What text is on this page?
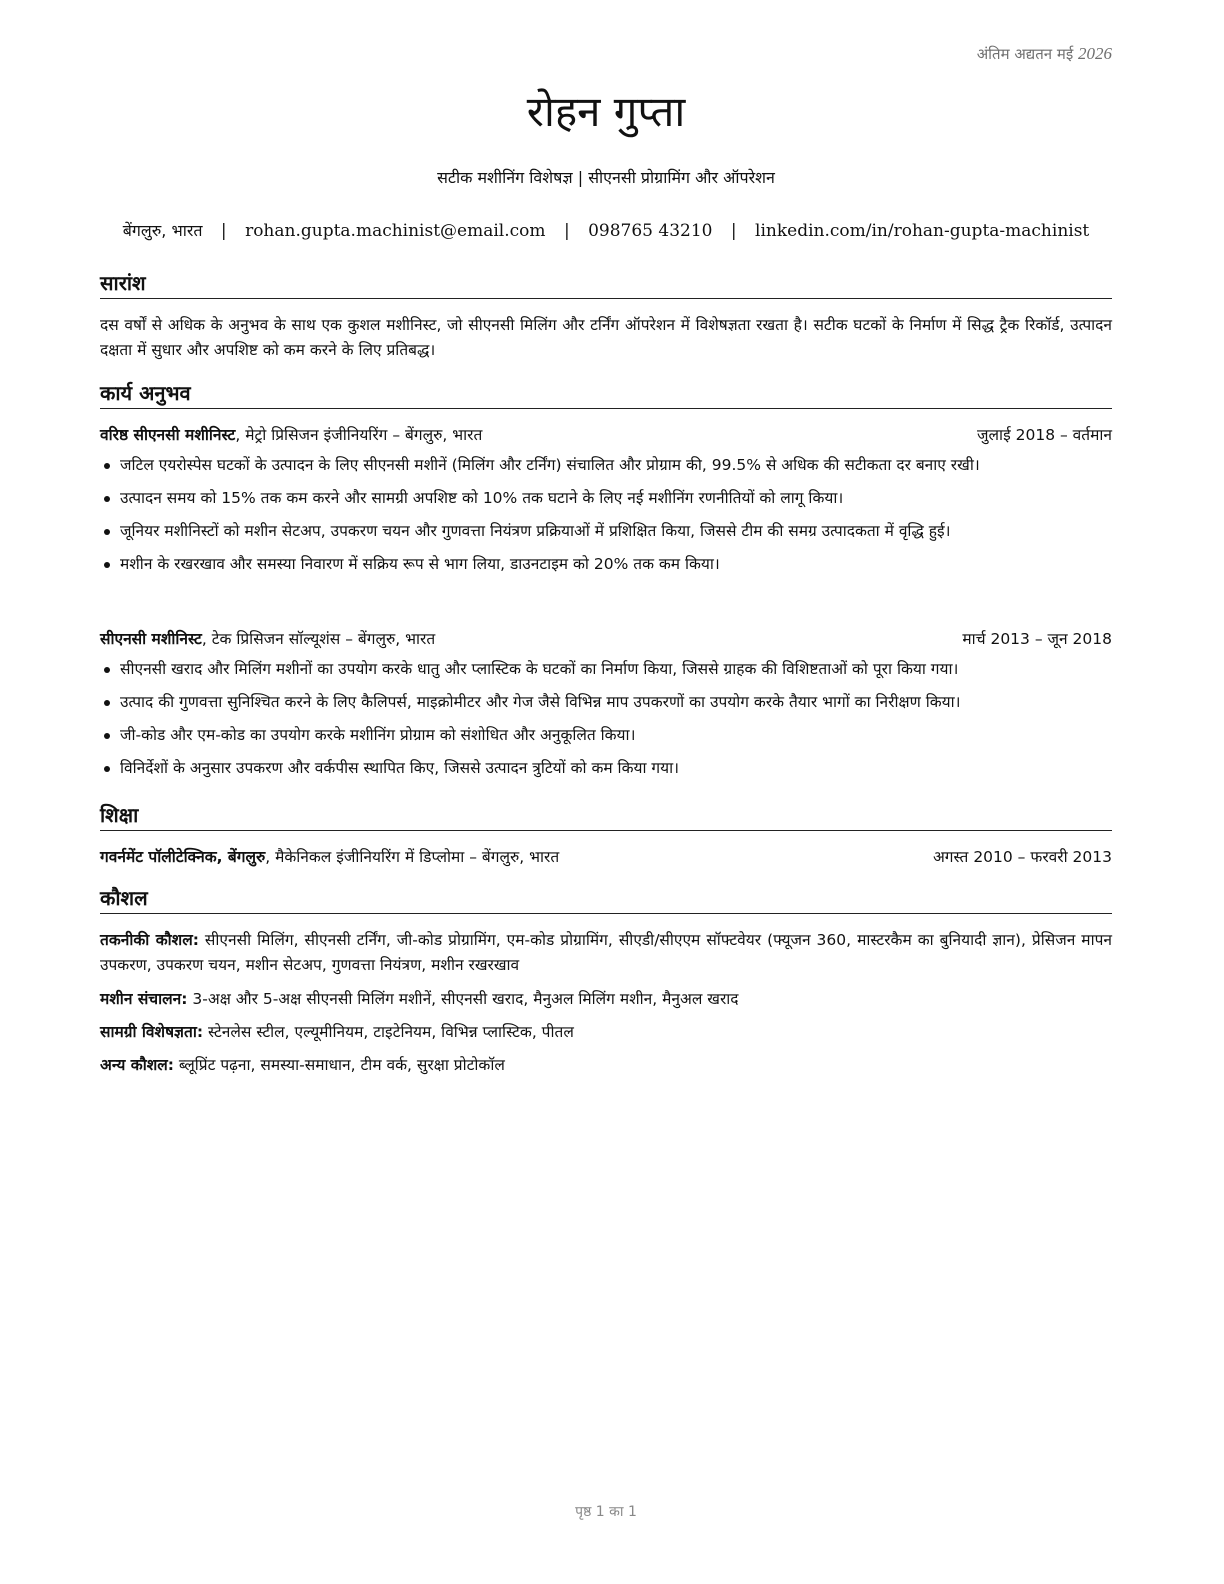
अंतिम अद्यतन मई 2026
रोहन गुप्ता
सटीक मशीनिंग विशेषज्ञ | सीएनसी प्रोग्रामिंग और ऑपरेशन
बेंगलुरु, भारत | rohan.gupta.machinist@email.com | 098765 43210 | linkedin.com/in/rohan-gupta-machinist
सारांश

दस वर्षों से अधिक के अनुभव के साथ एक कुशल मशीनिस्ट, जो सीएनसी मिलिंग और टर्निंग ऑपरेशन में विशेषज्ञता रखता है। सटीक घटकों के निर्माण में सिद्ध ट्रैक रिकॉर्ड, उत्पादन दक्षता में सुधार और अपशिष्ट को कम करने के लिए प्रतिबद्ध।

कार्य अनुभव
वरिष्ठ सीएनसी मशीनिस्ट, मेट्रो प्रिसिजन इंजीनियरिंग – बेंगलुरु, भारत	जुलाई 2018 – वर्तमान
जटिल एयरोस्पेस घटकों के उत्पादन के लिए सीएनसी मशीनें (मिलिंग और टर्निंग) संचालित और प्रोग्राम की, 99.5% से अधिक की सटीकता दर बनाए रखी।
उत्पादन समय को 15% तक कम करने और सामग्री अपशिष्ट को 10% तक घटाने के लिए नई मशीनिंग रणनीतियों को लागू किया।
जूनियर मशीनिस्टों को मशीन सेटअप, उपकरण चयन और गुणवत्ता नियंत्रण प्रक्रियाओं में प्रशिक्षित किया, जिससे टीम की समग्र उत्पादकता में वृद्धि हुई।
मशीन के रखरखाव और समस्या निवारण में सक्रिय रूप से भाग लिया, डाउनटाइम को 20% तक कम किया।
सीएनसी मशीनिस्ट, टेक प्रिसिजन सॉल्यूशंस – बेंगलुरु, भारत	मार्च 2013 – जून 2018
सीएनसी खराद और मिलिंग मशीनों का उपयोग करके धातु और प्लास्टिक के घटकों का निर्माण किया, जिससे ग्राहक की विशिष्टताओं को पूरा किया गया।
उत्पाद की गुणवत्ता सुनिश्चित करने के लिए कैलिपर्स, माइक्रोमीटर और गेज जैसे विभिन्न माप उपकरणों का उपयोग करके तैयार भागों का निरीक्षण किया।
जी-कोड और एम-कोड का उपयोग करके मशीनिंग प्रोग्राम को संशोधित और अनुकूलित किया।
विनिर्देशों के अनुसार उपकरण और वर्कपीस स्थापित किए, जिससे उत्पादन त्रुटियों को कम किया गया।
शिक्षा
गवर्नमेंट पॉलीटेक्निक, बेंगलुरु, मैकेनिकल इंजीनियरिंग में डिप्लोमा – बेंगलुरु, भारत	अगस्त 2010 – फरवरी 2013
कौशल

तकनीकी कौशल: सीएनसी मिलिंग, सीएनसी टर्निंग, जी-कोड प्रोग्रामिंग, एम-कोड प्रोग्रामिंग, सीएडी/सीएएम सॉफ्टवेयर (फ्यूजन 360, मास्टरकैम का बुनियादी ज्ञान), प्रेसिजन मापन उपकरण, उपकरण चयन, मशीन सेटअप, गुणवत्ता नियंत्रण, मशीन रखरखाव

मशीन संचालन: 3-अक्ष और 5-अक्ष सीएनसी मिलिंग मशीनें, सीएनसी खराद, मैनुअल मिलिंग मशीन, मैनुअल खराद

सामग्री विशेषज्ञता: स्टेनलेस स्टील, एल्यूमीनियम, टाइटेनियम, विभिन्न प्लास्टिक, पीतल

अन्य कौशल: ब्लूप्रिंट पढ़ना, समस्या-समाधान, टीम वर्क, सुरक्षा प्रोटोकॉल

पृष्ठ 1 का 1
